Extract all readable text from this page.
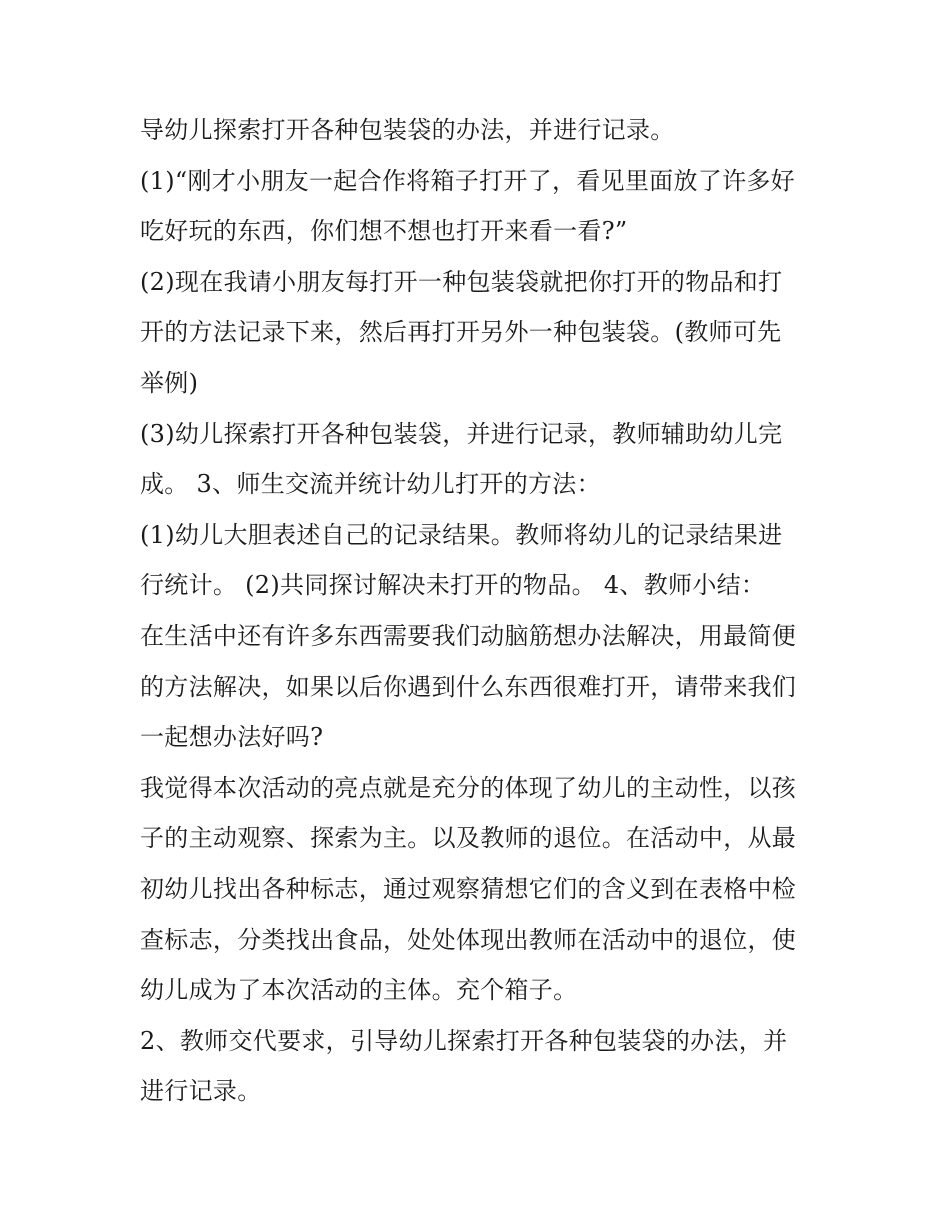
导幼儿探索打开各种包装袋的办法，并进行记录。
(1)“刚才小朋友一起合作将箱子打开了，看见里面放了许多好
吃好玩的东西，你们想不想也打开来看一看?”
(2)现在我请小朋友每打开一种包装袋就把你打开的物品和打
开的方法记录下来，然后再打开另外一种包装袋。(教师可先
举例)
(3)幼儿探索打开各种包装袋，并进行记录，教师辅助幼儿完
成。 3、师生交流并统计幼儿打开的方法：
(1)幼儿大胆表述自己的记录结果。教师将幼儿的记录结果进
行统计。 (2)共同探讨解决未打开的物品。 4、教师小结：
在生活中还有许多东西需要我们动脑筋想办法解决，用最简便
的方法解决，如果以后你遇到什么东西很难打开，请带来我们
一起想办法好吗?
我觉得本次活动的亮点就是充分的体现了幼儿的主动性，以孩
子的主动观察、探索为主。以及教师的退位。在活动中，从最
初幼儿找出各种标志，通过观察猜想它们的含义到在表格中检
查标志，分类找出食品，处处体现出教师在活动中的退位，使
幼儿成为了本次活动的主体。充个箱子。
2、教师交代要求，引导幼儿探索打开各种包装袋的办法，并
进行记录。
